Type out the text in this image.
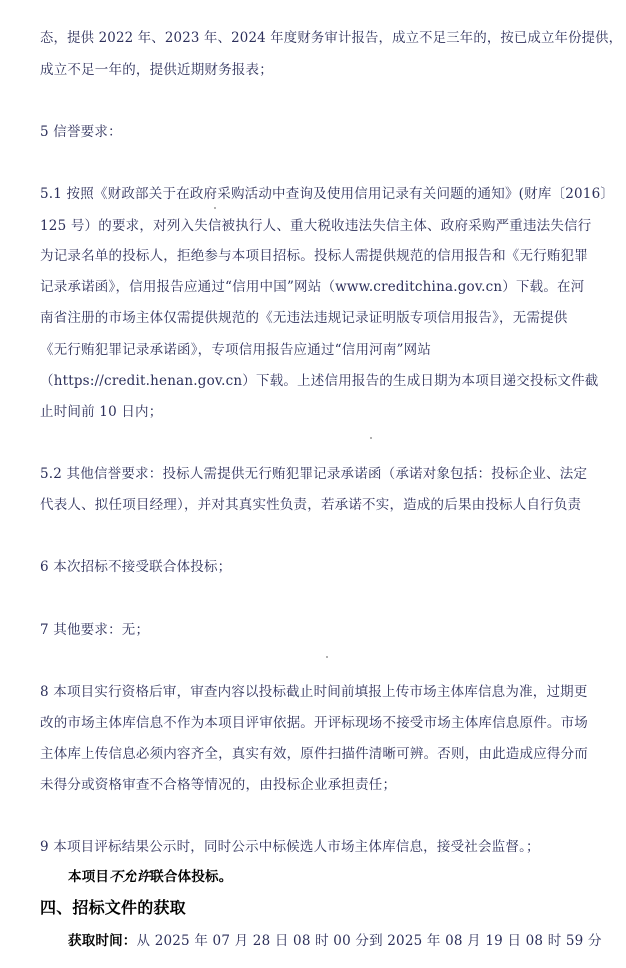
态，提供 2022 年、2023 年、2024 年度财务审计报告，成立不足三年的，按已成立年份提供，
成立不足一年的，提供近期财务报表；
5 信誉要求：
5.1 按照《财政部关于在政府采购活动中查询及使用信用记录有关问题的通知》(财库〔2016〕
125 号）的要求，对列入失信被执行人、重大税收违法失信主体、政府采购严重违法失信行
为记录名单的投标人，拒绝参与本项目招标。投标人需提供规范的信用报告和《无行贿犯罪
记录承诺函》，信用报告应通过“信用中国”网站（www.creditchina.gov.cn）下载。在河
南省注册的市场主体仅需提供规范的《无违法违规记录证明版专项信用报告》，无需提供
《无行贿犯罪记录承诺函》，专项信用报告应通过“信用河南”网站
（https://credit.henan.gov.cn）下载。上述信用报告的生成日期为本项目递交投标文件截
止时间前 10 日内；
5.2 其他信誉要求：投标人需提供无行贿犯罪记录承诺函（承诺对象包括：投标企业、法定
代表人、拟任项目经理），并对其真实性负责，若承诺不实，造成的后果由投标人自行负责
6 本次招标不接受联合体投标；
7 其他要求：无；
8 本项目实行资格后审，审查内容以投标截止时间前填报上传市场主体库信息为准，过期更
改的市场主体库信息不作为本项目评审依据。开评标现场不接受市场主体库信息原件。市场
主体库上传信息必须内容齐全，真实有效，原件扫描件清晰可辨。否则，由此造成应得分而
未得分或资格审查不合格等情况的，由投标企业承担责任；
9 本项目评标结果公示时，同时公示中标候选人市场主体库信息，接受社会监督。；
本项目不允许联合体投标。
四、招标文件的获取
获取时间：从 2025 年 07 月 28 日 08 时 00 分到 2025 年 08 月 19 日 08 时 59 分
